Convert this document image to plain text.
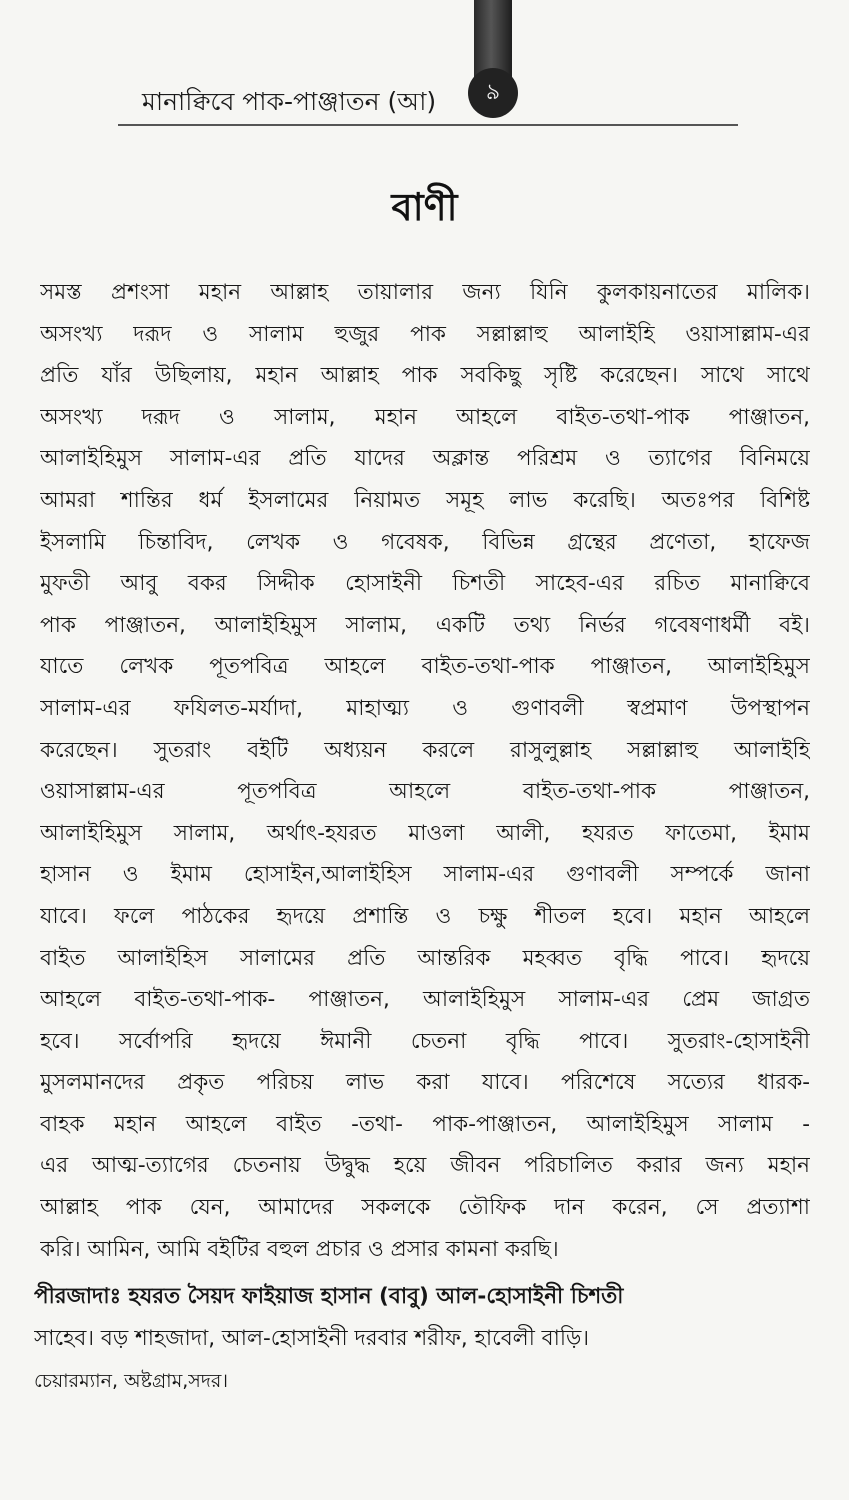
মানাক্বিবে পাক-পাঞ্জাতন (আ)	৯
বাণী
সমস্ত প্রশংসা মহান আল্লাহ তায়ালার জন্য যিনি কুলকায়নাতের মালিক।
অসংখ্য দরূদ ও সালাম হুজুর পাক সল্লাল্লাহু আলাইহি ওয়াসাল্লাম-এর
প্রতি যাঁর উছিলায়, মহান আল্লাহ পাক সবকিছু সৃষ্টি করেছেন। সাথে সাথে
অসংখ্য দরূদ ও সালাম, মহান আহলে বাইত-তথা-পাক পাঞ্জাতন,
আলাইহিমুস সালাম-এর প্রতি যাদের অক্লান্ত পরিশ্রম ও ত্যাগের বিনিময়ে
আমরা শান্তির ধর্ম ইসলামের নিয়ামত সমূহ লাভ করেছি। অতঃপর বিশিষ্ট
ইসলামি চিন্তাবিদ, লেখক ও গবেষক, বিভিন্ন গ্রন্থের প্রণেতা, হাফেজ
মুফতী আবু বকর সিদ্দীক হোসাইনী চিশতী সাহেব-এর রচিত মানাক্বিবে
পাক পাঞ্জাতন, আলাইহিমুস সালাম, একটি তথ্য নির্ভর গবেষণাধর্মী বই।
যাতে লেখক পূতপবিত্র আহলে বাইত-তথা-পাক পাঞ্জাতন, আলাইহিমুস
সালাম-এর ফযিলত-মর্যাদা, মাহাত্ম্য ও গুণাবলী স্বপ্রমাণ উপস্থাপন
করেছেন। সুতরাং বইটি অধ্যয়ন করলে রাসুলুল্লাহ সল্লাল্লাহু আলাইহি
ওয়াসাল্লাম-এর পূতপবিত্র আহলে বাইত-তথা-পাক পাঞ্জাতন,
আলাইহিমুস সালাম, অর্থাৎ-হযরত মাওলা আলী, হযরত ফাতেমা, ইমাম
হাসান ও ইমাম হোসাইন,আলাইহিস সালাম-এর গুণাবলী সম্পর্কে জানা
যাবে। ফলে পাঠকের হৃদয়ে প্রশান্তি ও চক্ষু শীতল হবে। মহান আহলে
বাইত আলাইহিস সালামের প্রতি আন্তরিক মহব্বত বৃদ্ধি পাবে। হৃদয়ে
আহলে বাইত-তথা-পাক- পাঞ্জাতন, আলাইহিমুস সালাম-এর প্রেম জাগ্রত
হবে। সর্বোপরি হৃদয়ে ঈমানী চেতনা বৃদ্ধি পাবে। সুতরাং-হোসাইনী
মুসলমানদের প্রকৃত পরিচয় লাভ করা যাবে। পরিশেষে সত্যের ধারক-
বাহক মহান আহলে বাইত -তথা- পাক-পাঞ্জাতন, আলাইহিমুস সালাম -
এর আত্ম-ত্যাগের চেতনায় উদ্বুদ্ধ হয়ে জীবন পরিচালিত করার জন্য মহান
আল্লাহ পাক যেন, আমাদের সকলকে তৌফিক দান করেন, সে প্রত্যাশা
করি। আমিন, আমি বইটির বহুল প্রচার ও প্রসার কামনা করছি।
পীরজাদাঃ হযরত সৈয়দ ফাইয়াজ হাসান (বাবু) আল-হোসাইনী চিশতী
সাহেব। বড় শাহজাদা, আল-হোসাইনী দরবার শরীফ, হাবেলী বাড়ি।
চেয়ারম্যান, অষ্টগ্রাম,সদর।
